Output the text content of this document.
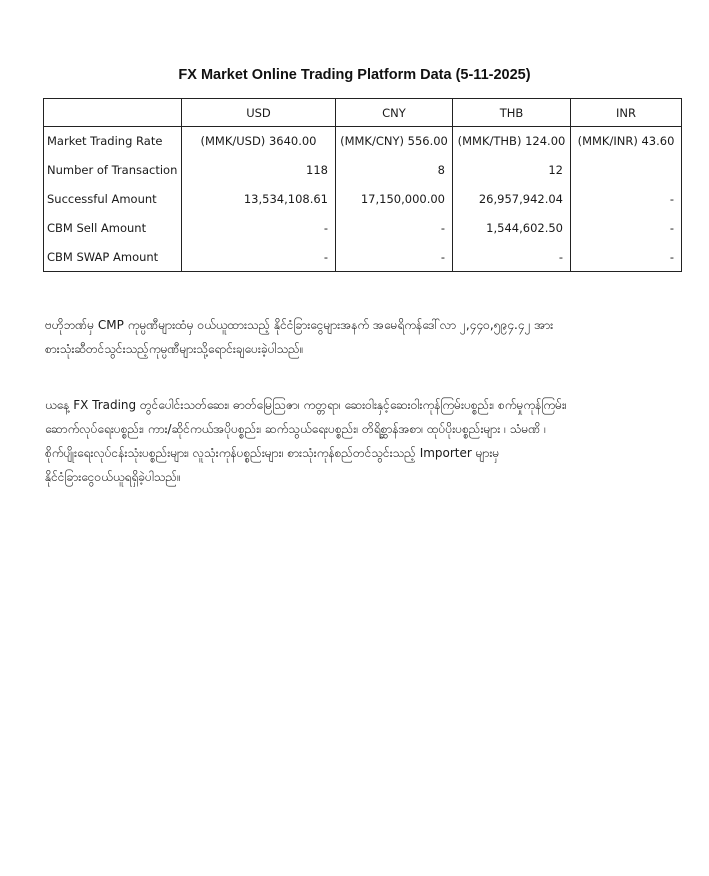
FX Market Online Trading Platform Data (5-11-2025)
	USD	CNY	THB	INR
Market Trading Rate	(MMK/USD) 3640.00	(MMK/CNY) 556.00	(MMK/THB) 124.00	(MMK/INR) 43.60
Number of Transaction	118	8	12	
Successful Amount	13,534,108.61	17,150,000.00	26,957,942.04	-
CBM Sell Amount	-	-	1,544,602.50	-
CBM SWAP Amount	-	-	-	-

ဗဟိုဘဏ်မှ CMP ကုမ္ပဏီများထံမှ ဝယ်ယူထားသည့် နိုင်ငံခြားငွေများအနက် အမေရိကန်ဒေါ်လာ ၂,၄၄၀,၅၉၄.၄၂ အား
စားသုံးဆီတင်သွင်းသည့်ကုမ္ပဏီများသို့ရောင်းချပေးခဲ့ပါသည်။

ယနေ့ FX Trading တွင်ပေါင်းသတ်ဆေး၊ ဓာတ်မြေဩဇာ၊ ကတ္တရာ၊ ဆေးဝါးနှင့်ဆေးဝါးကုန်ကြမ်းပစ္စည်း၊ စက်မှုကုန်ကြမ်း၊
ဆောက်လုပ်ရေးပစ္စည်း၊ ကား/ဆိုင်ကယ်အပိုပစ္စည်း၊ ဆက်သွယ်ရေးပစ္စည်း၊ တိရိစ္ဆာန်အစာ၊ ထုပ်ပိုးပစ္စည်းများ ၊ သံမဏိ ၊
စိုက်ပျိုးရေးလုပ်ငန်းသုံးပစ္စည်းများ၊ လူသုံးကုန်ပစ္စည်းများ၊ စားသုံးကုန်စည်တင်သွင်းသည့် Importer များမှ
နိုင်ငံခြားငွေဝယ်ယူရရှိခဲ့ပါသည်။
